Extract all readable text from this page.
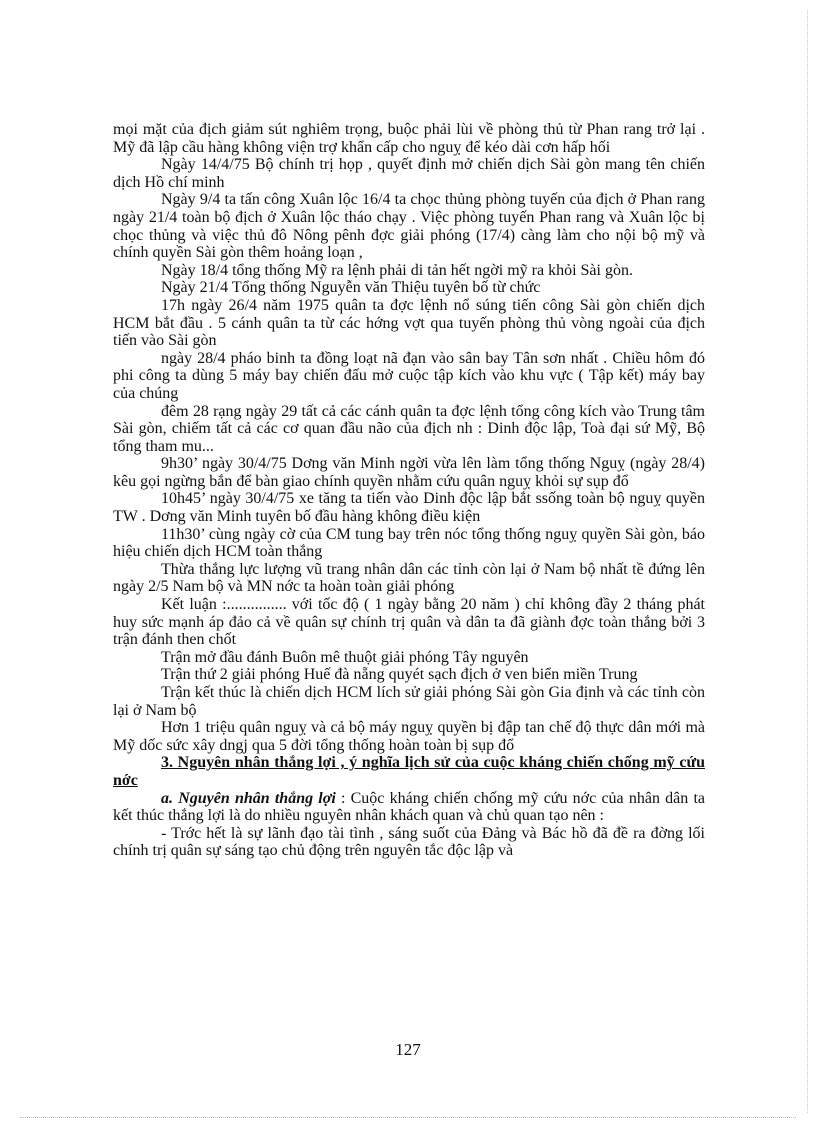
mọi mặt của địch giảm sút nghiêm trọng, buộc phải lùi về phòng thủ từ Phan rang trở lại . Mỹ đã lập cầu hàng không viện trợ khẩn cấp cho nguỵ để kéo dài cơn hấp hối

Ngày 14/4/75 Bộ chính trị họp , quyết định mở chiến dịch Sài gòn mang tên chiến dịch Hồ chí minh

Ngày 9/4 ta tấn công Xuân lộc 16/4 ta chọc thủng phòng tuyến của địch ở Phan rang ngày 21/4 toàn bộ địch ở Xuân lộc tháo chạy . Việc phòng tuyến Phan rang và Xuân lộc bị chọc thủng và việc thủ đô Nông pênh đợc giải phóng (17/4) càng làm cho nội bộ mỹ và chính quyền Sài gòn thêm hoảng loạn ,

Ngày 18/4 tổng thống Mỹ ra lệnh phải di tản hết ngời mỹ ra khỏi Sài gòn.

Ngày 21/4 Tổng thống Nguyễn văn Thiệu tuyên bố từ chức

17h ngày 26/4 năm 1975 quân ta đợc lệnh nổ súng tiến công Sài gòn chiến dịch HCM bắt đầu . 5 cánh quân ta từ các hớng vợt qua tuyến phòng thủ vòng ngoài của địch tiến vào Sài gòn

ngày 28/4 pháo binh ta đồng loạt nã đạn vào sân bay Tân sơn nhất . Chiều hôm đó phi công ta dùng 5 máy bay chiến đấu mở cuộc tập kích vào khu vực ( Tập kết) máy bay của chúng

đêm 28 rạng ngày 29 tất cả các cánh quân ta đợc lệnh tổng công kích vào Trung tâm Sài gòn, chiếm tất cả các cơ quan đầu não của địch nh : Dinh độc lập, Toà đại sứ Mỹ, Bộ tổng tham mu...

9h30’ ngày 30/4/75 Dơng văn Minh ngời vừa lên làm tổng thống Nguỵ (ngày 28/4) kêu gọi ngừng bắn để bàn giao chính quyền nhằm cứu quân nguỵ khỏi sự sụp đổ

10h45’ ngày 30/4/75 xe tăng ta tiến vào Dinh độc lập bắt ssống toàn bộ nguỵ quyền TW . Dơng văn Minh tuyên bố đầu hàng không điều kiện

11h30’ cùng ngày cờ của CM tung bay trên nóc tổng thống nguỵ quyền Sài gòn, báo hiệu chiến dịch HCM toàn thắng

Thừa thắng lực lượng vũ trang nhân dân các tỉnh còn lại ở Nam bộ nhất tề đứng lên ngày 2/5 Nam bộ và MN nớc ta hoàn toàn giải phóng

Kết luận :............... với tốc độ ( 1 ngày bằng 20 năm ) chỉ không đầy 2 tháng phát huy sức mạnh áp đảo cả về quân sự chính trị quân và dân ta đã giành đợc toàn thắng bởi 3 trận đánh then chốt

Trận mở đầu đánh Buôn mê thuột giải phóng Tây nguyên

Trận thứ 2 giải phóng Huế đà nẵng quyét sạch địch ở ven biển miền Trung

Trận kết thúc là chiến dịch HCM lích sử giải phóng Sài gòn Gia định và các tỉnh còn lại ở Nam bộ

Hơn 1 triệu quân nguỵ và cả bộ máy nguỵ quyền bị đập tan chế độ thực dân mới mà Mỹ dốc sức xây dngj qua 5 đời tổng thống hoàn toàn bị sụp đổ

3. Nguyên nhân thắng lợi , ý nghĩa lịch sử của cuộc kháng chiến chống mỹ cứu nớc

a. Nguyên nhân thắng lợi : Cuộc kháng chiến chống mỹ cứu nớc của nhân dân ta kết thúc thắng lợi là do nhiều nguyên nhân khách quan và chủ quan tạo nên :

- Trớc hết là sự lãnh đạo tài tình , sáng suốt của Đảng và Bác hồ đã đề ra đờng lối chính trị quân sự sáng tạo chủ động trên nguyên tắc độc lập và

127
